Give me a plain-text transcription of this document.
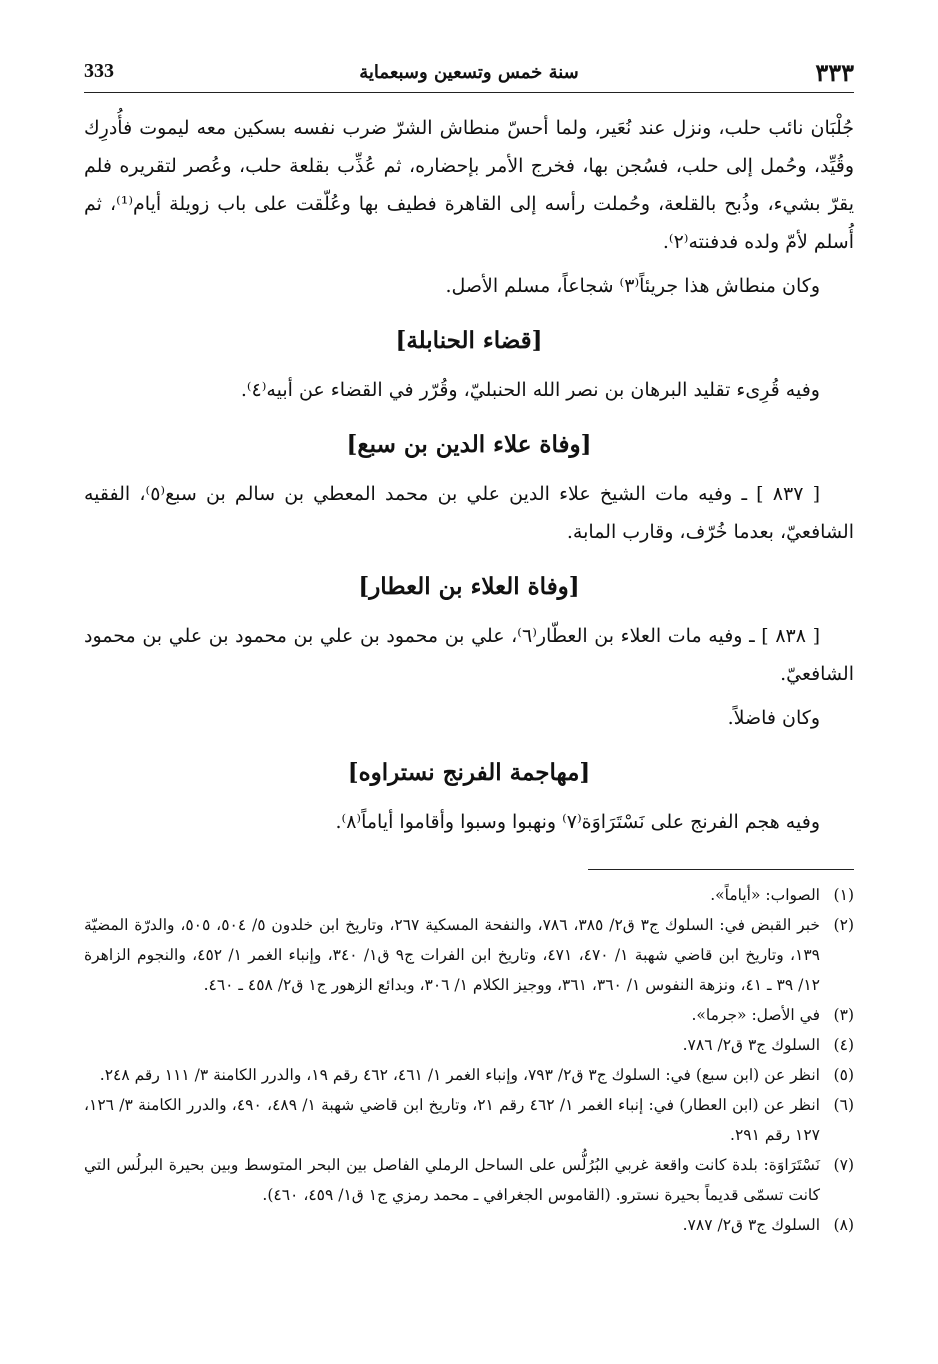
٣٣٣
سنة خمس وتسعين وسبعماية
333

جُلْبَان نائب حلب، ونزل عند نُعَير، ولما أحسّ منطاش الشرّ ضرب نفسه بسكين معه ليموت فأُدرِك وقُيِّد، وحُمل إلى حلب، فسُجن بها، فخرج الأمر بإحضاره، ثم عُذِّب بقلعة حلب، وعُصر لتقريره فلم يقرّ بشيء، وذُبح بالقلعة، وحُملت رأسه إلى القاهرة فطيف بها وعُلّقت على باب زويلة أيام⁽¹⁾، ثم أُسلم لأمّ ولده فدفنته⁽٢⁾.

وكان منطاش هذا جريئاً⁽٣⁾ شجاعاً، مسلم الأصل.

[قضاء الحنابلة]

وفيه قُرِىء تقليد البرهان بن نصر الله الحنبليّ، وقُرّر في القضاء عن أبيه⁽٤⁾.

[وفاة علاء الدين بن سبع]

[ ٨٣٧ ] ـ وفيه مات الشيخ علاء الدين علي بن محمد المعطي بن سالم بن سبع⁽٥⁾، الفقيه الشافعيّ، بعدما خُرّف، وقارب المابة.

[وفاة العلاء بن العطار]

[ ٨٣٨ ] ـ وفيه مات العلاء بن العطّار⁽٦⁾، علي بن محمود بن علي بن محمود بن علي بن محمود الشافعيّ.

وكان فاضلاً.

[مهاجمة الفرنج نستراوه]

وفيه هجم الفرنج على نَسْتَرَاوَة⁽٧⁾ ونهبوا وسبوا وأقاموا أياماً⁽٨⁾.

(١)
الصواب: «أياماً».
(٢)
خبر القبض في: السلوك ج٣ ق٢/ ٣٨٥، ٧٨٦، والنفحة المسكية ٢٦٧، وتاريخ ابن خلدون ٥/ ٥٠٤، ٥٠٥، والدرّة المضيّة ١٣٩، وتاريخ ابن قاضي شهبة ١/ ٤٧٠، ٤٧١، وتاريخ ابن الفرات ج٩ ق١/ ٣٤٠، وإنباء الغمر ١/ ٤٥٢، والنجوم الزاهرة ١٢/ ٣٩ ـ ٤١، ونزهة النفوس ١/ ٣٦٠، ٣٦١، ووجيز الكلام ١/ ٣٠٦، وبدائع الزهور ج١ ق٢/ ٤٥٨ ـ ٤٦٠.
(٣)
في الأصل: «جرما».
(٤)
السلوك ج٣ ق٢/ ٧٨٦.
(٥)
انظر عن (ابن سبع) في: السلوك ج٣ ق٢/ ٧٩٣، وإنباء الغمر ١/ ٤٦١، ٤٦٢ رقم ١٩، والدرر الكامنة ٣/ ١١١ رقم ٢٤٨.
(٦)
انظر عن (ابن العطار) في: إنباء الغمر ١/ ٤٦٢ رقم ٢١، وتاريخ ابن قاضي شهبة ١/ ٤٨٩، ٤٩٠، والدرر الكامنة ٣/ ١٢٦، ١٢٧ رقم ٢٩١.
(٧)
نَسْتَرَاوَة: بلدة كانت واقعة غربي البُرُلُّس على الساحل الرملي الفاصل بين البحر المتوسط وبين بحيرة البرلُس التي كانت تسمّى قديماً بحيرة نسترو. (القاموس الجغرافي ـ محمد رمزي ج١ ق١/ ٤٥٩، ٤٦٠).
(٨)
السلوك ج٣ ق٢/ ٧٨٧.
